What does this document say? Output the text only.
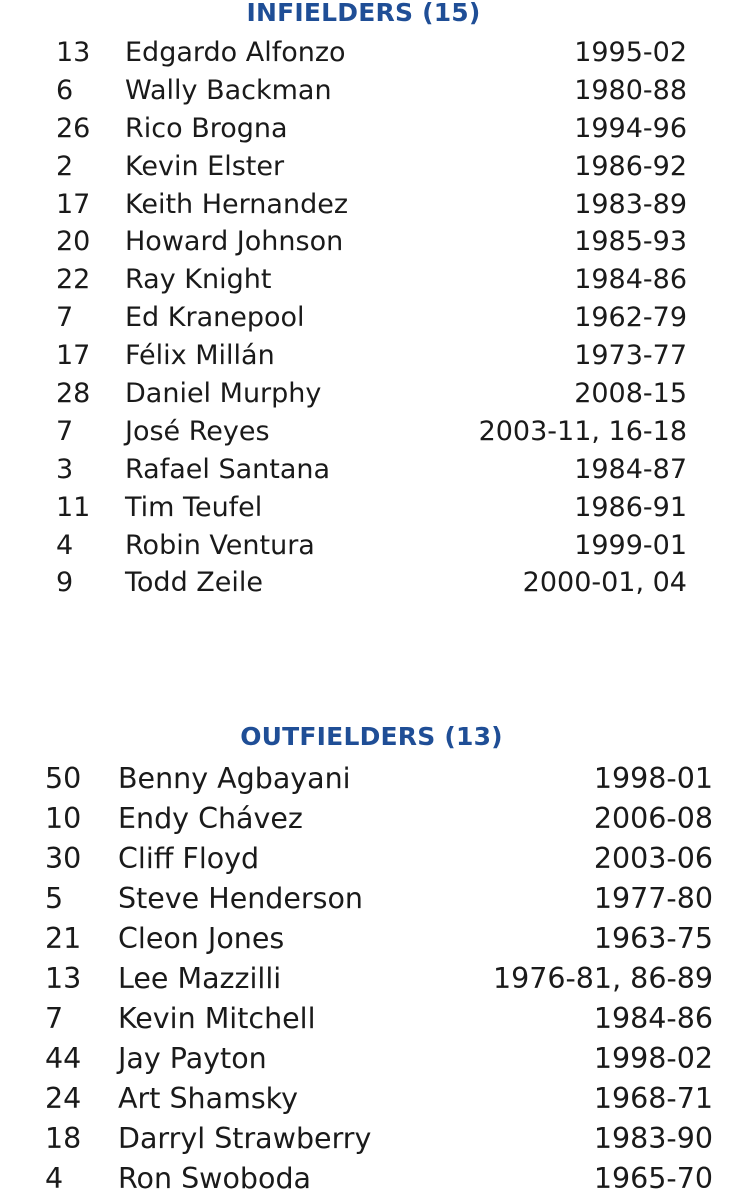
INFIELDERS (15)
13	Edgardo Alfonzo	1995-02
6	Wally Backman	1980-88
26	Rico Brogna	1994-96
2	Kevin Elster	1986-92
17	Keith Hernandez	1983-89
20	Howard Johnson	1985-93
22	Ray Knight	1984-86
7	Ed Kranepool	1962-79
17	Félix Millán	1973-77
28	Daniel Murphy	2008-15
7	José Reyes	2003-11, 16-18
3	Rafael Santana	1984-87
11	Tim Teufel	1986-91
4	Robin Ventura	1999-01
9	Todd Zeile	2000-01, 04
OUTFIELDERS (13)
50	Benny Agbayani	1998-01
10	Endy Chávez	2006-08
30	Cliff Floyd	2003-06
5	Steve Henderson	1977-80
21	Cleon Jones	1963-75
13	Lee Mazzilli	1976-81, 86-89
7	Kevin Mitchell	1984-86
44	Jay Payton	1998-02
24	Art Shamsky	1968-71
18	Darryl Strawberry	1983-90
4	Ron Swoboda	1965-70
